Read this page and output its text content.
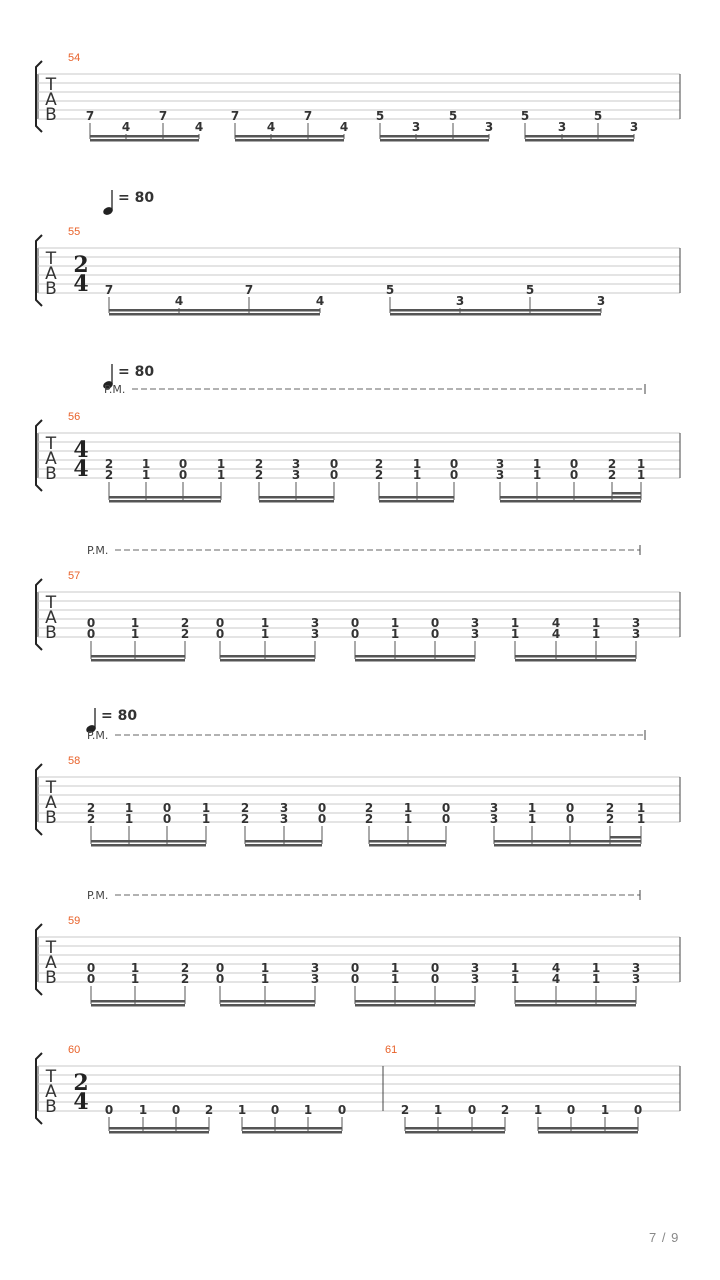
T
A
B
54
7
4
7
4
7
4
7
4
5
3
5
3
5
3
5
3
T
A
B
= 80
55
2
4 7
4
7
4
5
3
5
3
T
A
B
= 80
P.M.
56
4
4 2
2
1
1
0
0
1
1
2
2
3
3
0
0
2
2
1
1
0
0
3
3
1
1
0
0
2
2
1
1
T
A
B
P.M.
57
0
0
1
1
2
2
0
0
1
1
3
3
0
0
1
1
0
0
3
3
1
1
4
4
1
1
3
3
T
A
B
= 80
P.M.
58
2
2
1
1
0
0
1
1
2
2
3
3
0
0
2
2
1
1
0
0
3
3
1
1
0
0
2
2
1
1
T
A
B
P.M.
59
0
0
1
1
2
2
0
0
1
1
3
3
0
0
1
1
0
0
3
3
1
1
4
4
1
1
3
3
T
A
B
60
2
4 0 1 0 2 1 0 1 0
61
2 1 0 2 1 0 1 0
7 / 9
